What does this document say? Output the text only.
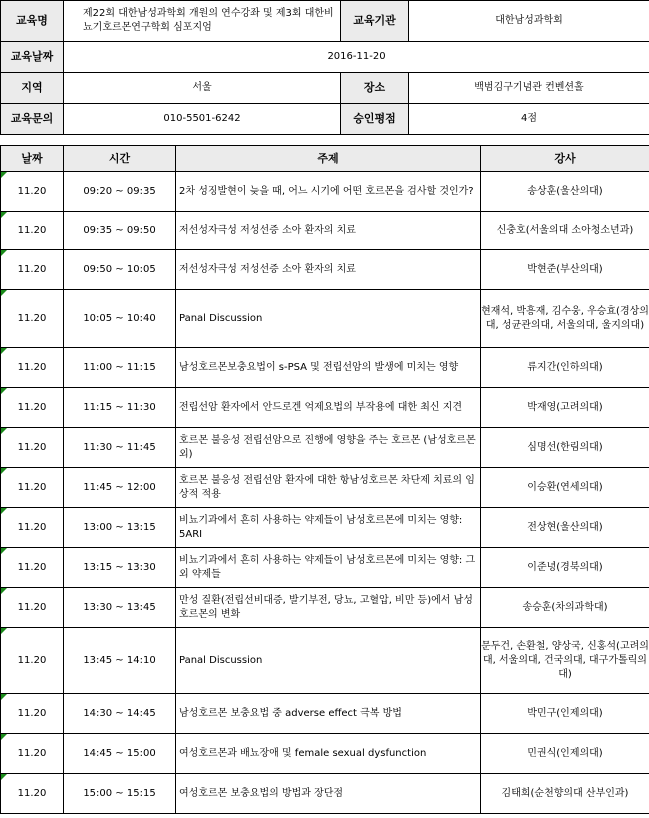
교육명	제22회 대한남성과학회 개원의 연수강좌 및 제3회 대한비뇨기호르몬연구학회 심포지엄	교육기관	대한남성과학회
교육날짜	2016-11-20		
지역	서울	장소	백범김구기념관 컨벤션홀
교육문의	010-5501-6242	승인평점	4점
날짜	시간	주제	강사
11.20	09:20 ~ 09:35	2차 성징발현이 늦을 때, 어느 시기에 어떤 호르몬을 검사할 것인가?	송상훈(울산의대)
11.20	09:35 ~ 09:50	저선성자극성 저성선증 소아 환자의 치료	신충호(서울의대 소아청소년과)
11.20	09:50 ~ 10:05	저선성자극성 저성선증 소아 환자의 치료	박현준(부산의대)
11.20	10:05 ~ 10:40	Panal Discussion	현재석, 박흥재, 김수웅, 우승효(경상의대, 성균관의대, 서울의대, 울지의대)
11.20	11:00 ~ 11:15	남성호르몬보충요법이 s-PSA 및 전립선암의 발생에 미치는 영향	류지간(인하의대)
11.20	11:15 ~ 11:30	전립선암 환자에서 안드로겐 억제요법의 부작용에 대한 최신 지견	박재영(고려의대)
11.20	11:30 ~ 11:45	호르몬 불응성 전립선암으로 진행에 영향을 주는 호르몬 (남성호르몬 외)	심명선(한림의대)
11.20	11:45 ~ 12:00	호르몬 불응성 전립선암 환자에 대한 항남성호르몬 차단제 치료의 임상적 적용	이승환(연세의대)
11.20	13:00 ~ 13:15	비뇨기과에서 흔히 사용하는 약제들이 남성호르몬에 미치는 영향: 5ARI	전상현(울산의대)
11.20	13:15 ~ 13:30	비뇨기과에서 흔히 사용하는 약제들이 남성호르몬에 미치는 영향: 그 외 약제들	이준녕(경북의대)
11.20	13:30 ~ 13:45	만성 질환(전립선비대증, 발기부전, 당뇨, 고혈압, 비만 등)에서 남성호르몬의 변화	송승훈(차의과학대)
11.20	13:45 ~ 14:10	Panal Discussion	문두건, 손환철, 양상국, 신홍석(고려의대, 서울의대, 건국의대, 대구가톨릭의대)
11.20	14:30 ~ 14:45	남성호르몬 보충요법 중 adverse effect 극복 방법	박민구(인제의대)
11.20	14:45 ~ 15:00	여성호르몬과 배뇨장애 및 female sexual dysfunction	민권식(인제의대)
11.20	15:00 ~ 15:15	여성호르몬 보충요법의 방법과 장단점	김태희(순천향의대 산부인과)
